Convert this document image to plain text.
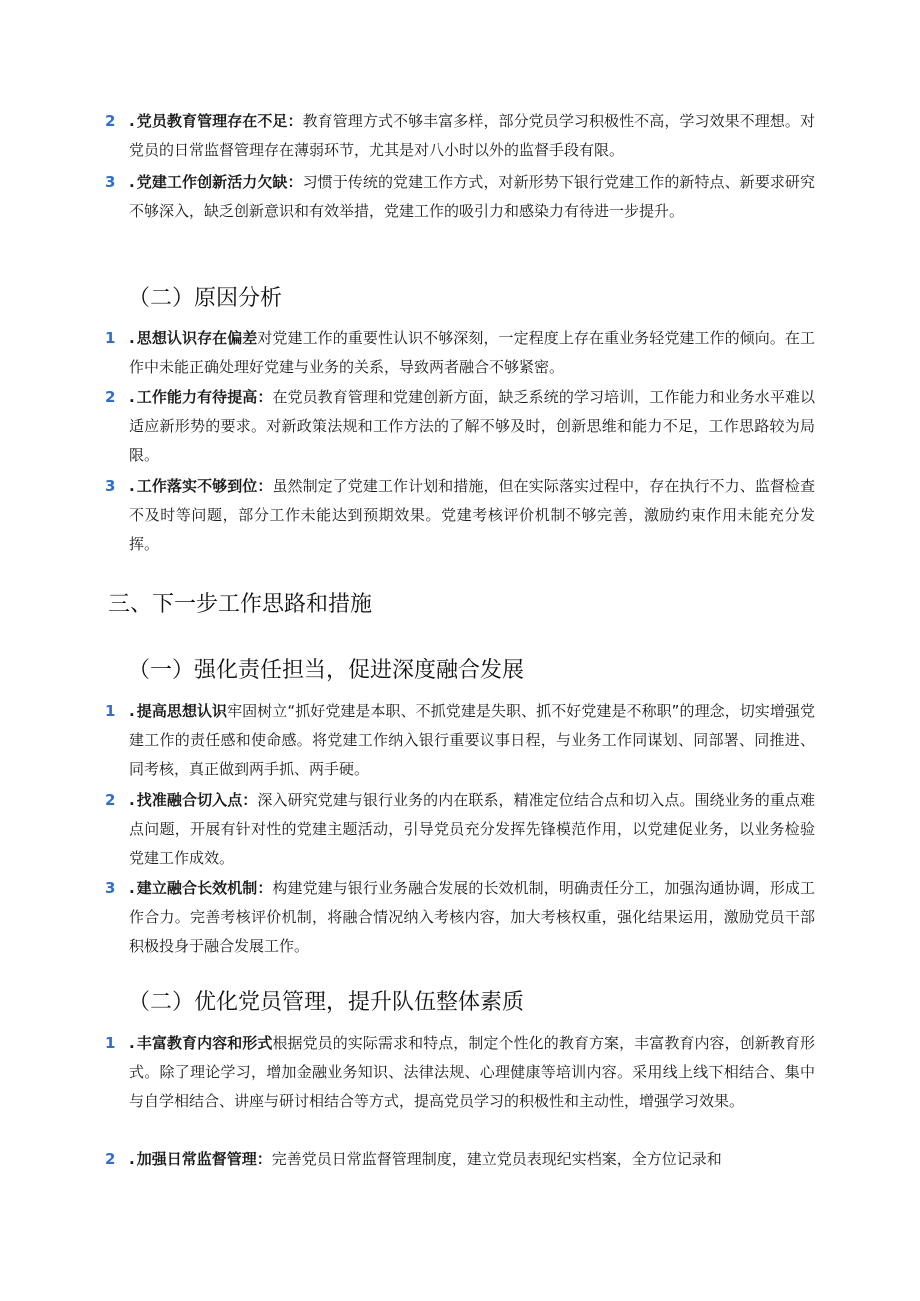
2	. 党员教育管理存在不足：教育管理方式不够丰富多样，部分党员学习积极性不高，学习效果不理想。对党员的日常监督管理存在薄弱环节，尤其是对八小时以外的监督手段有限。
3	. 党建工作创新活力欠缺：习惯于传统的党建工作方式，对新形势下银行党建工作的新特点、新要求研究不够深入，缺乏创新意识和有效举措，党建工作的吸引力和感染力有待进一步提升。
（二）原因分析
1	. 思想认识存在偏差对党建工作的重要性认识不够深刻，一定程度上存在重业务轻党建工作的倾向。在工作中未能正确处理好党建与业务的关系，导致两者融合不够紧密。
2	. 工作能力有待提高：在党员教育管理和党建创新方面，缺乏系统的学习培训，工作能力和业务水平难以适应新形势的要求。对新政策法规和工作方法的了解不够及时，创新思维和能力不足，工作思路较为局限。
3	. 工作落实不够到位：虽然制定了党建工作计划和措施，但在实际落实过程中，存在执行不力、监督检查不及时等问题，部分工作未能达到预期效果。党建考核评价机制不够完善，激励约束作用未能充分发挥。
三、下一步工作思路和措施
（一）强化责任担当，促进深度融合发展
1	. 提高思想认识牢固树立“抓好党建是本职、不抓党建是失职、抓不好党建是不称职”的理念，切实增强党建工作的责任感和使命感。将党建工作纳入银行重要议事日程，与业务工作同谋划、同部署、同推进、同考核，真正做到两手抓、两手硬。
2	. 找准融合切入点：深入研究党建与银行业务的内在联系，精准定位结合点和切入点。围绕业务的重点难点问题，开展有针对性的党建主题活动，引导党员充分发挥先锋模范作用，以党建促业务，以业务检验党建工作成效。
3	. 建立融合长效机制：构建党建与银行业务融合发展的长效机制，明确责任分工，加强沟通协调，形成工作合力。完善考核评价机制，将融合情况纳入考核内容，加大考核权重，强化结果运用，激励党员干部积极投身于融合发展工作。
（二）优化党员管理，提升队伍整体素质
1	. 丰富教育内容和形式根据党员的实际需求和特点，制定个性化的教育方案，丰富教育内容，创新教育形式。除了理论学习，增加金融业务知识、法律法规、心理健康等培训内容。采用线上线下相结合、集中与自学相结合、讲座与研讨相结合等方式，提高党员学习的积极性和主动性，增强学习效果。
2	. 加强日常监督管理：完善党员日常监督管理制度，建立党员表现纪实档案，全方位记录和
